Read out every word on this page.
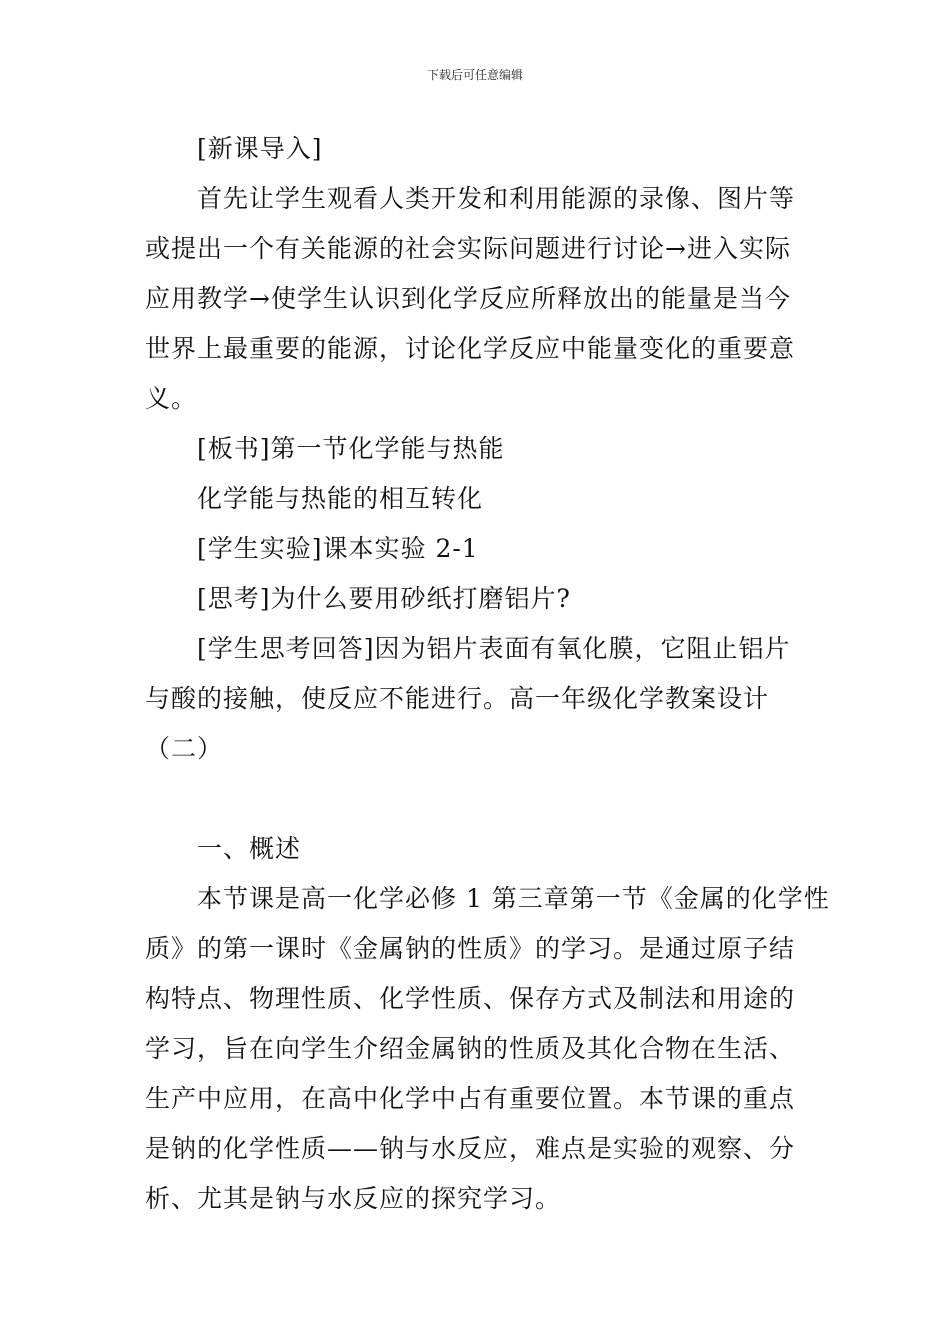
下载后可任意编辑
[新课导入]
首先让学生观看人类开发和利用能源的录像、图片等
或提出一个有关能源的社会实际问题进行讨论→进入实际
应用教学→使学生认识到化学反应所释放出的能量是当今
世界上最重要的能源，讨论化学反应中能量变化的重要意
义。
[板书]第一节化学能与热能
化学能与热能的相互转化
[学生实验]课本实验 2-1
[思考]为什么要用砂纸打磨铝片?
[学生思考回答]因为铝片表面有氧化膜，它阻止铝片
与酸的接触，使反应不能进行。高一年级化学教案设计
（二）
一、概述
本节课是高一化学必修 1 第三章第一节《金属的化学性
质》的第一课时《金属钠的性质》的学习。是通过原子结
构特点、物理性质、化学性质、保存方式及制法和用途的
学习，旨在向学生介绍金属钠的性质及其化合物在生活、
生产中应用，在高中化学中占有重要位置。本节课的重点
是钠的化学性质——钠与水反应，难点是实验的观察、分
析、尤其是钠与水反应的探究学习。
